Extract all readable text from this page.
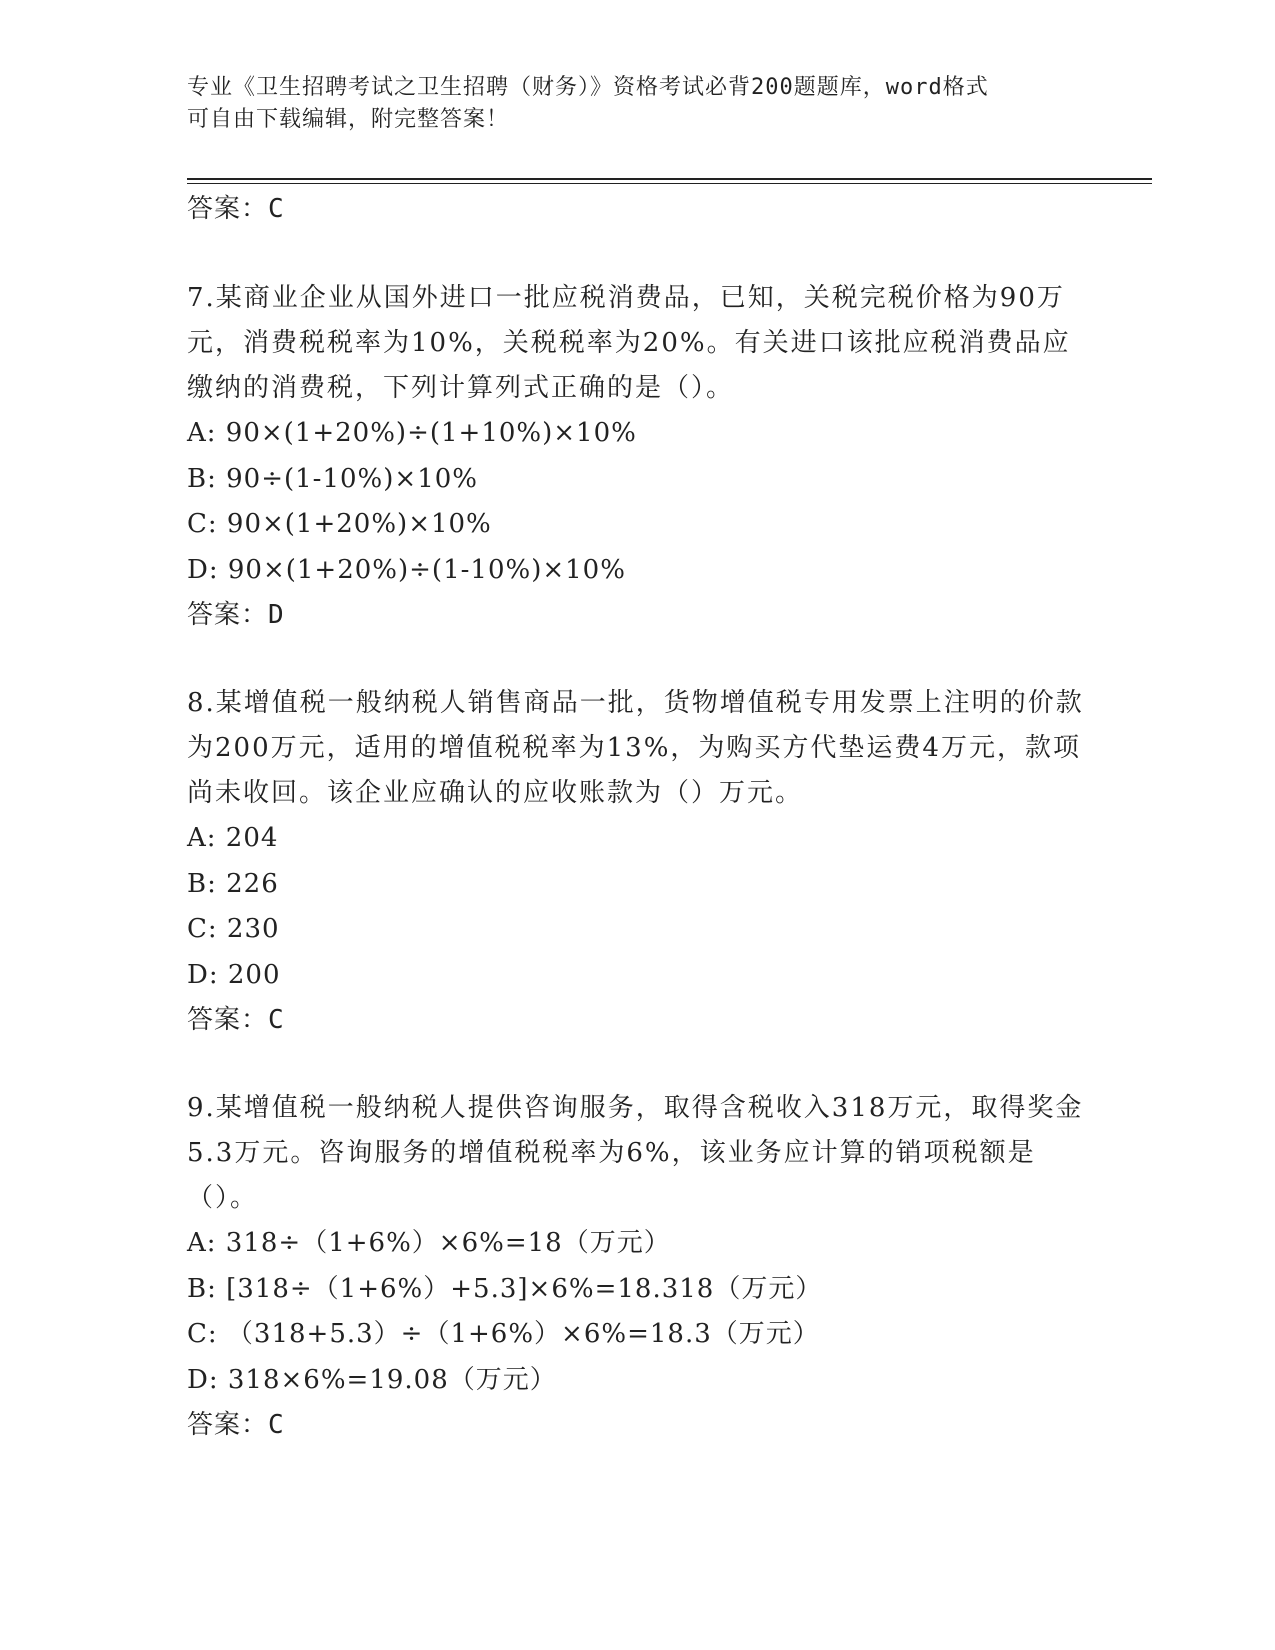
专业《卫生招聘考试之卫生招聘（财务）》资格考试必背200题题库，word格式
可自由下载编辑，附完整答案！
答案：C
7.某商业企业从国外进口一批应税消费品，已知，关税完税价格为90万元，消费税税率为10%，关税税率为20%。有关进口该批应税消费品应缴纳的消费税，下列计算列式正确的是（）。
A: 90×(1+20%)÷(1+10%)×10%
B: 90÷(1-10%)×10%
C: 90×(1+20%)×10%
D: 90×(1+20%)÷(1-10%)×10%
答案：D
8.某增值税一般纳税人销售商品一批，货物增值税专用发票上注明的价款为200万元，适用的增值税税率为13%，为购买方代垫运费4万元，款项尚未收回。该企业应确认的应收账款为（）万元。
A: 204
B: 226
C: 230
D: 200
答案：C
9.某增值税一般纳税人提供咨询服务，取得含税收入318万元，取得奖金5.3万元。咨询服务的增值税税率为6%，该业务应计算的销项税额是（）。
A: 318÷（1+6%）×6%=18（万元）
B: [318÷（1+6%）+5.3]×6%=18.318（万元）
C: （318+5.3）÷（1+6%）×6%=18.3（万元）
D: 318×6%=19.08（万元）
答案：C
